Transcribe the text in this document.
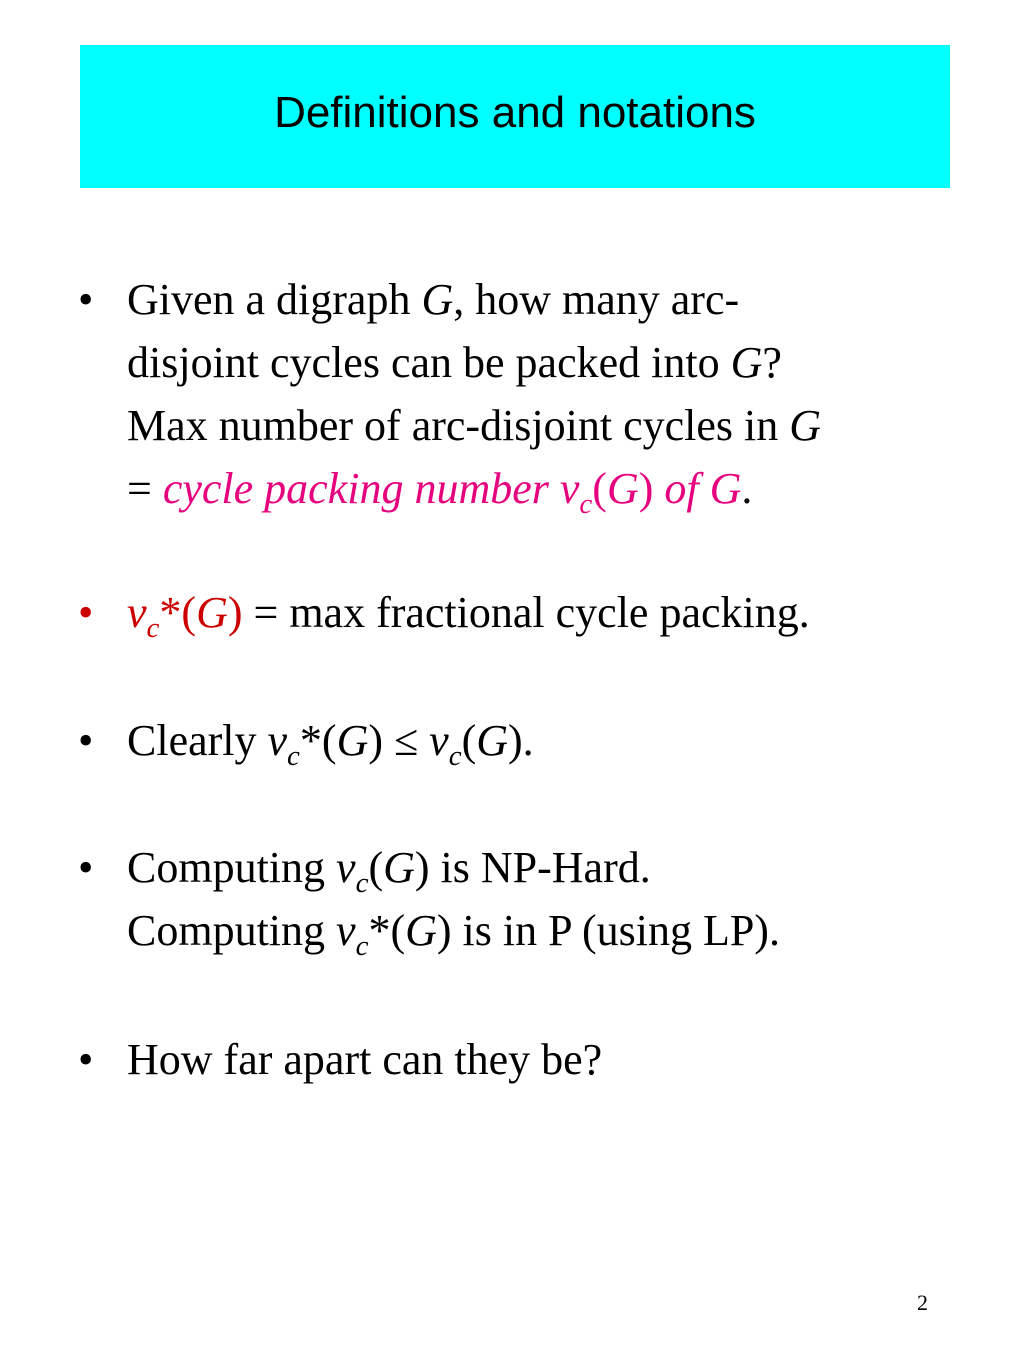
Definitions and notations
• Given a digraph G, how many arc-
disjoint cycles can be packed into G?
Max number of arc-disjoint cycles in G
= cycle packing number $v_c(G)$ of G.
• $v_c*(G) = \max$ fractional cycle packing.
• Clearly $v_c*(G) \le v_c(G)$.
• Computing $v_c(G)$ is NP-Hard.
Computing $v_c*(G)$ is in P (using LP).
• How far apart can they be?
2
